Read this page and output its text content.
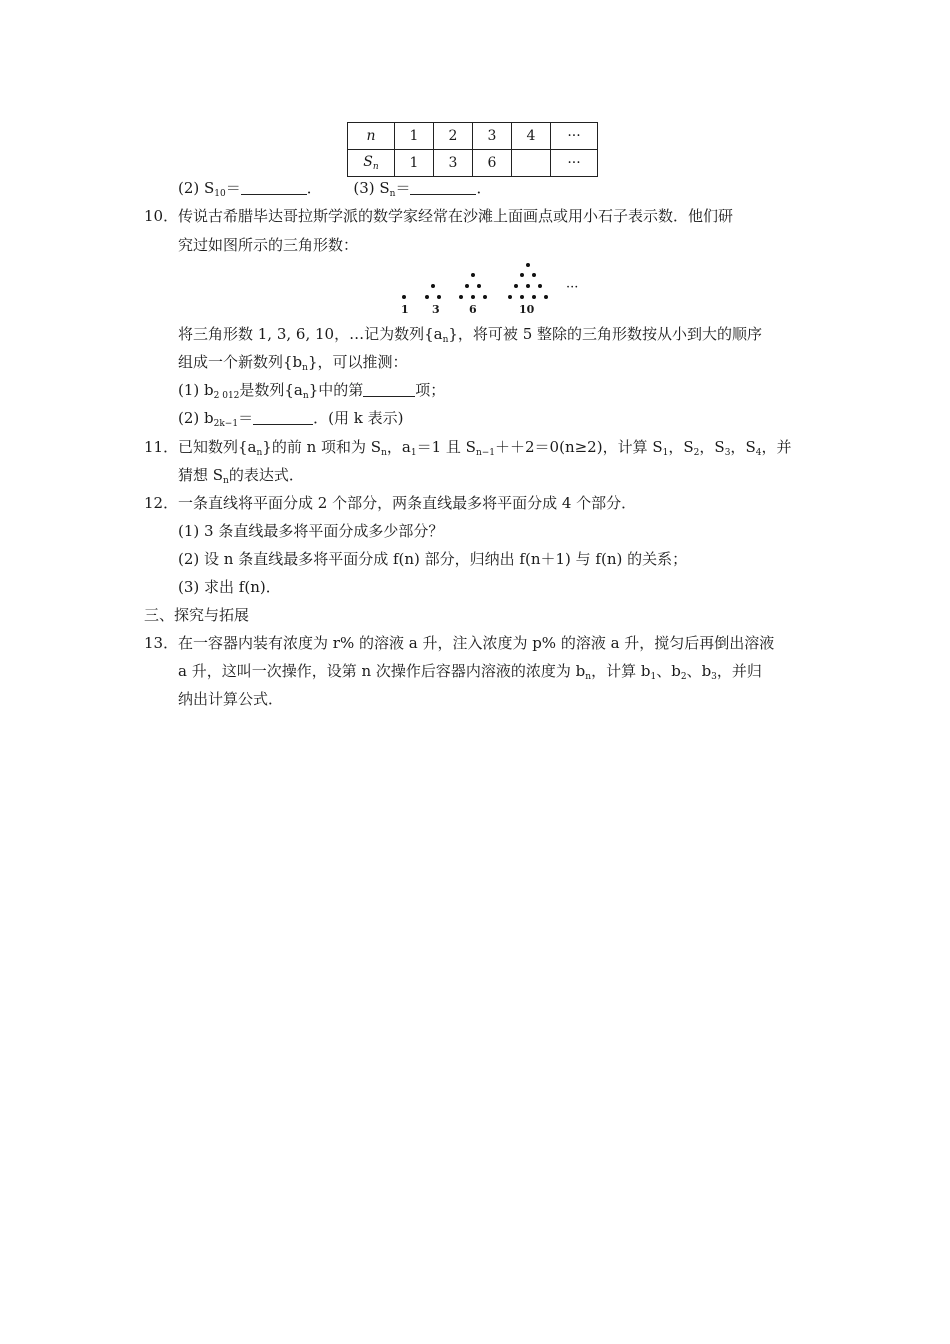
n	1	2	3	4	···
$S_n$	1	3	6		···
(2) $S_{10}=$	． (3) $S_n=$	．
10． 传说古希腊毕达哥拉斯学派的数学家经常在沙滩上面画点或用小石子表示数．他们研
究过如图所示的三角形数：
1 3	6	10
···
将三角形数 1, 3, 6, 10，…记为数列$\{a_n\}$，将可被 5 整除的三角形数按从小到大的顺序
组成一个新数列$\{b_n\}$，可以推测：
(1) $b_{2 012}$是数列$\{a_n\}$中的第	项；
(2) $b_{2k-1}=$	．(用 k 表示)
11． 已知数列$\{a_n\}$的前 n 项和为 $S_n$，$a_1=1$ 且 $S_{n-1}++2=0(n\ge 2)$，计算 $S_1$，$S_2$，$S_3$，$S_4$，并
猜想 $S_n$的表达式．
12． 一条直线将平面分成 2 个部分，两条直线最多将平面分成 4 个部分．
(1) 3 条直线最多将平面分成多少部分？
(2) 设 n 条直线最多将平面分成 f(n) 部分，归纳出 f(n＋1) 与 f(n) 的关系；
(3) 求出 f(n)．
三、探究与拓展
13． 在一容器内装有浓度为 r% 的溶液 a 升，注入浓度为 p% 的溶液 a 升，搅匀后再倒出溶液
a 升，这叫一次操作，设第 n 次操作后容器内溶液的浓度为 $b_n$，计算 $b_1$、$b_2$、$b_3$，并归
纳出计算公式．
